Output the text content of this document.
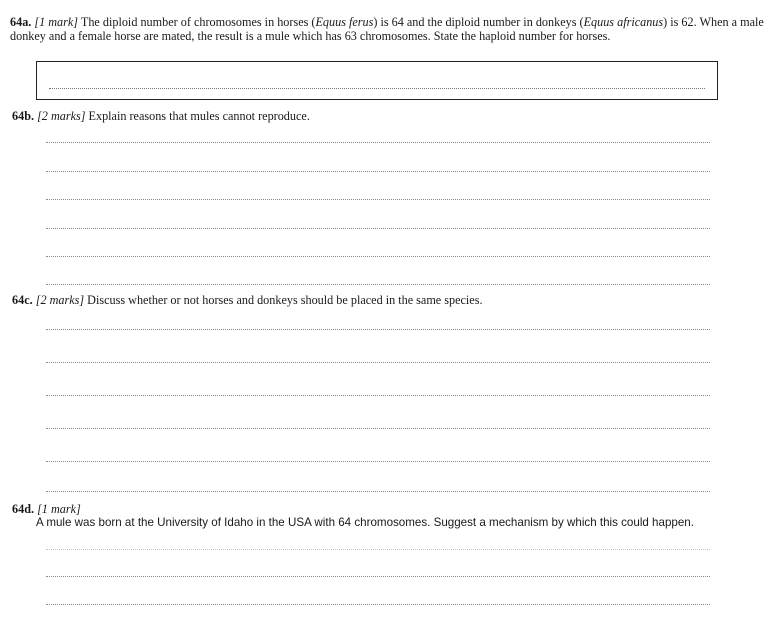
64a. [1 mark] The diploid number of chromosomes in horses (Equus ferus) is 64 and the diploid number in donkeys (Equus africanus) is 62. When a male donkey and a female horse are mated, the result is a mule which has 63 chromosomes. State the haploid number for horses.
64b. [2 marks] Explain reasons that mules cannot reproduce.
64c. [2 marks] Discuss whether or not horses and donkeys should be placed in the same species.
64d. [1 mark]
A mule was born at the University of Idaho in the USA with 64 chromosomes. Suggest a mechanism by which this could happen.
